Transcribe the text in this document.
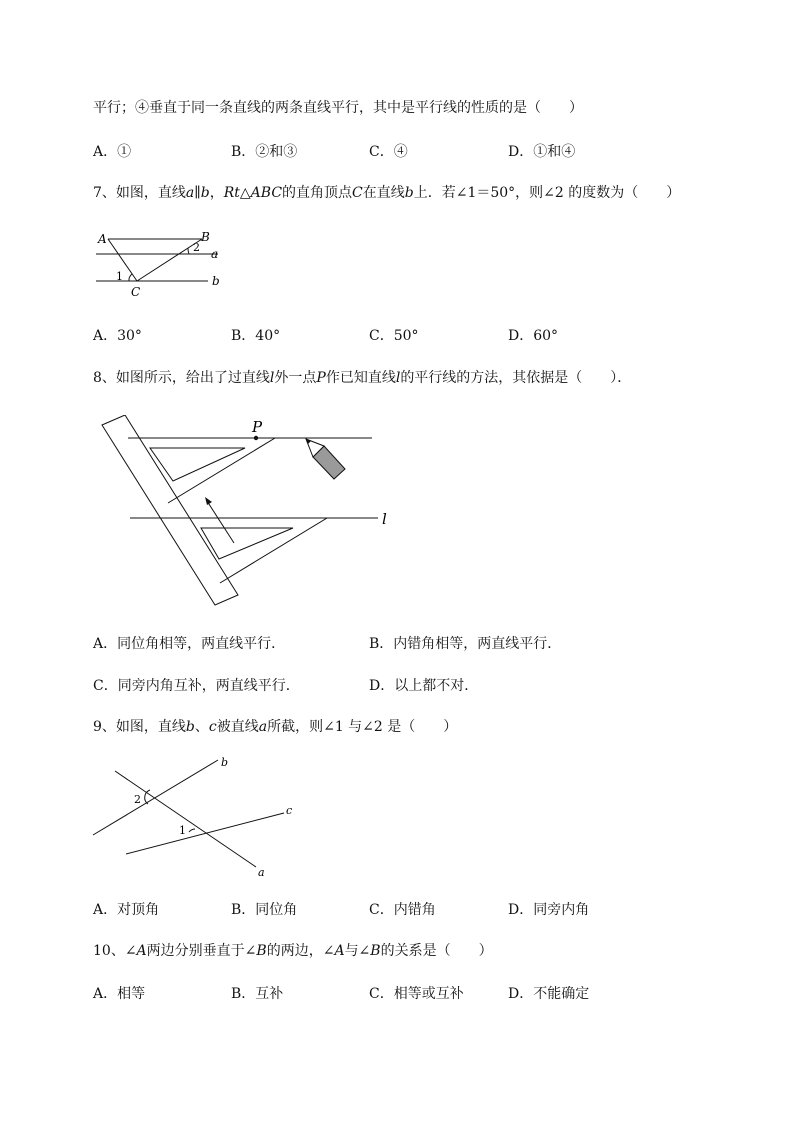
平行；④垂直于同一条直线的两条直线平行，其中是平行线的性质的是（　　）
A．①	B．②和③	C．④	D．①和④
7、如图，直线a∥b，Rt△ABC的直角顶点C在直线b上．若∠1＝50°，则∠2 的度数为（　　）
A	B
C
a
b
1
2
A．30°	B．40°	C．50°	D．60°
8、如图所示，给出了过直线l外一点P作已知直线l的平行线的方法，其依据是（　　）．
P
l
A．同位角相等，两直线平行．	B．内错角相等，两直线平行．
C．同旁内角互补，两直线平行．	D．以上都不对．
9、如图，直线b、c被直线a所截，则∠1 与∠2 是（　　）
b
c
a
2
1
A．对顶角	B．同位角	C．内错角	D．同旁内角
10、∠A两边分别垂直于∠B的两边，∠A与∠B的关系是（　　）
A．相等	B．互补	C．相等或互补	D．不能确定
